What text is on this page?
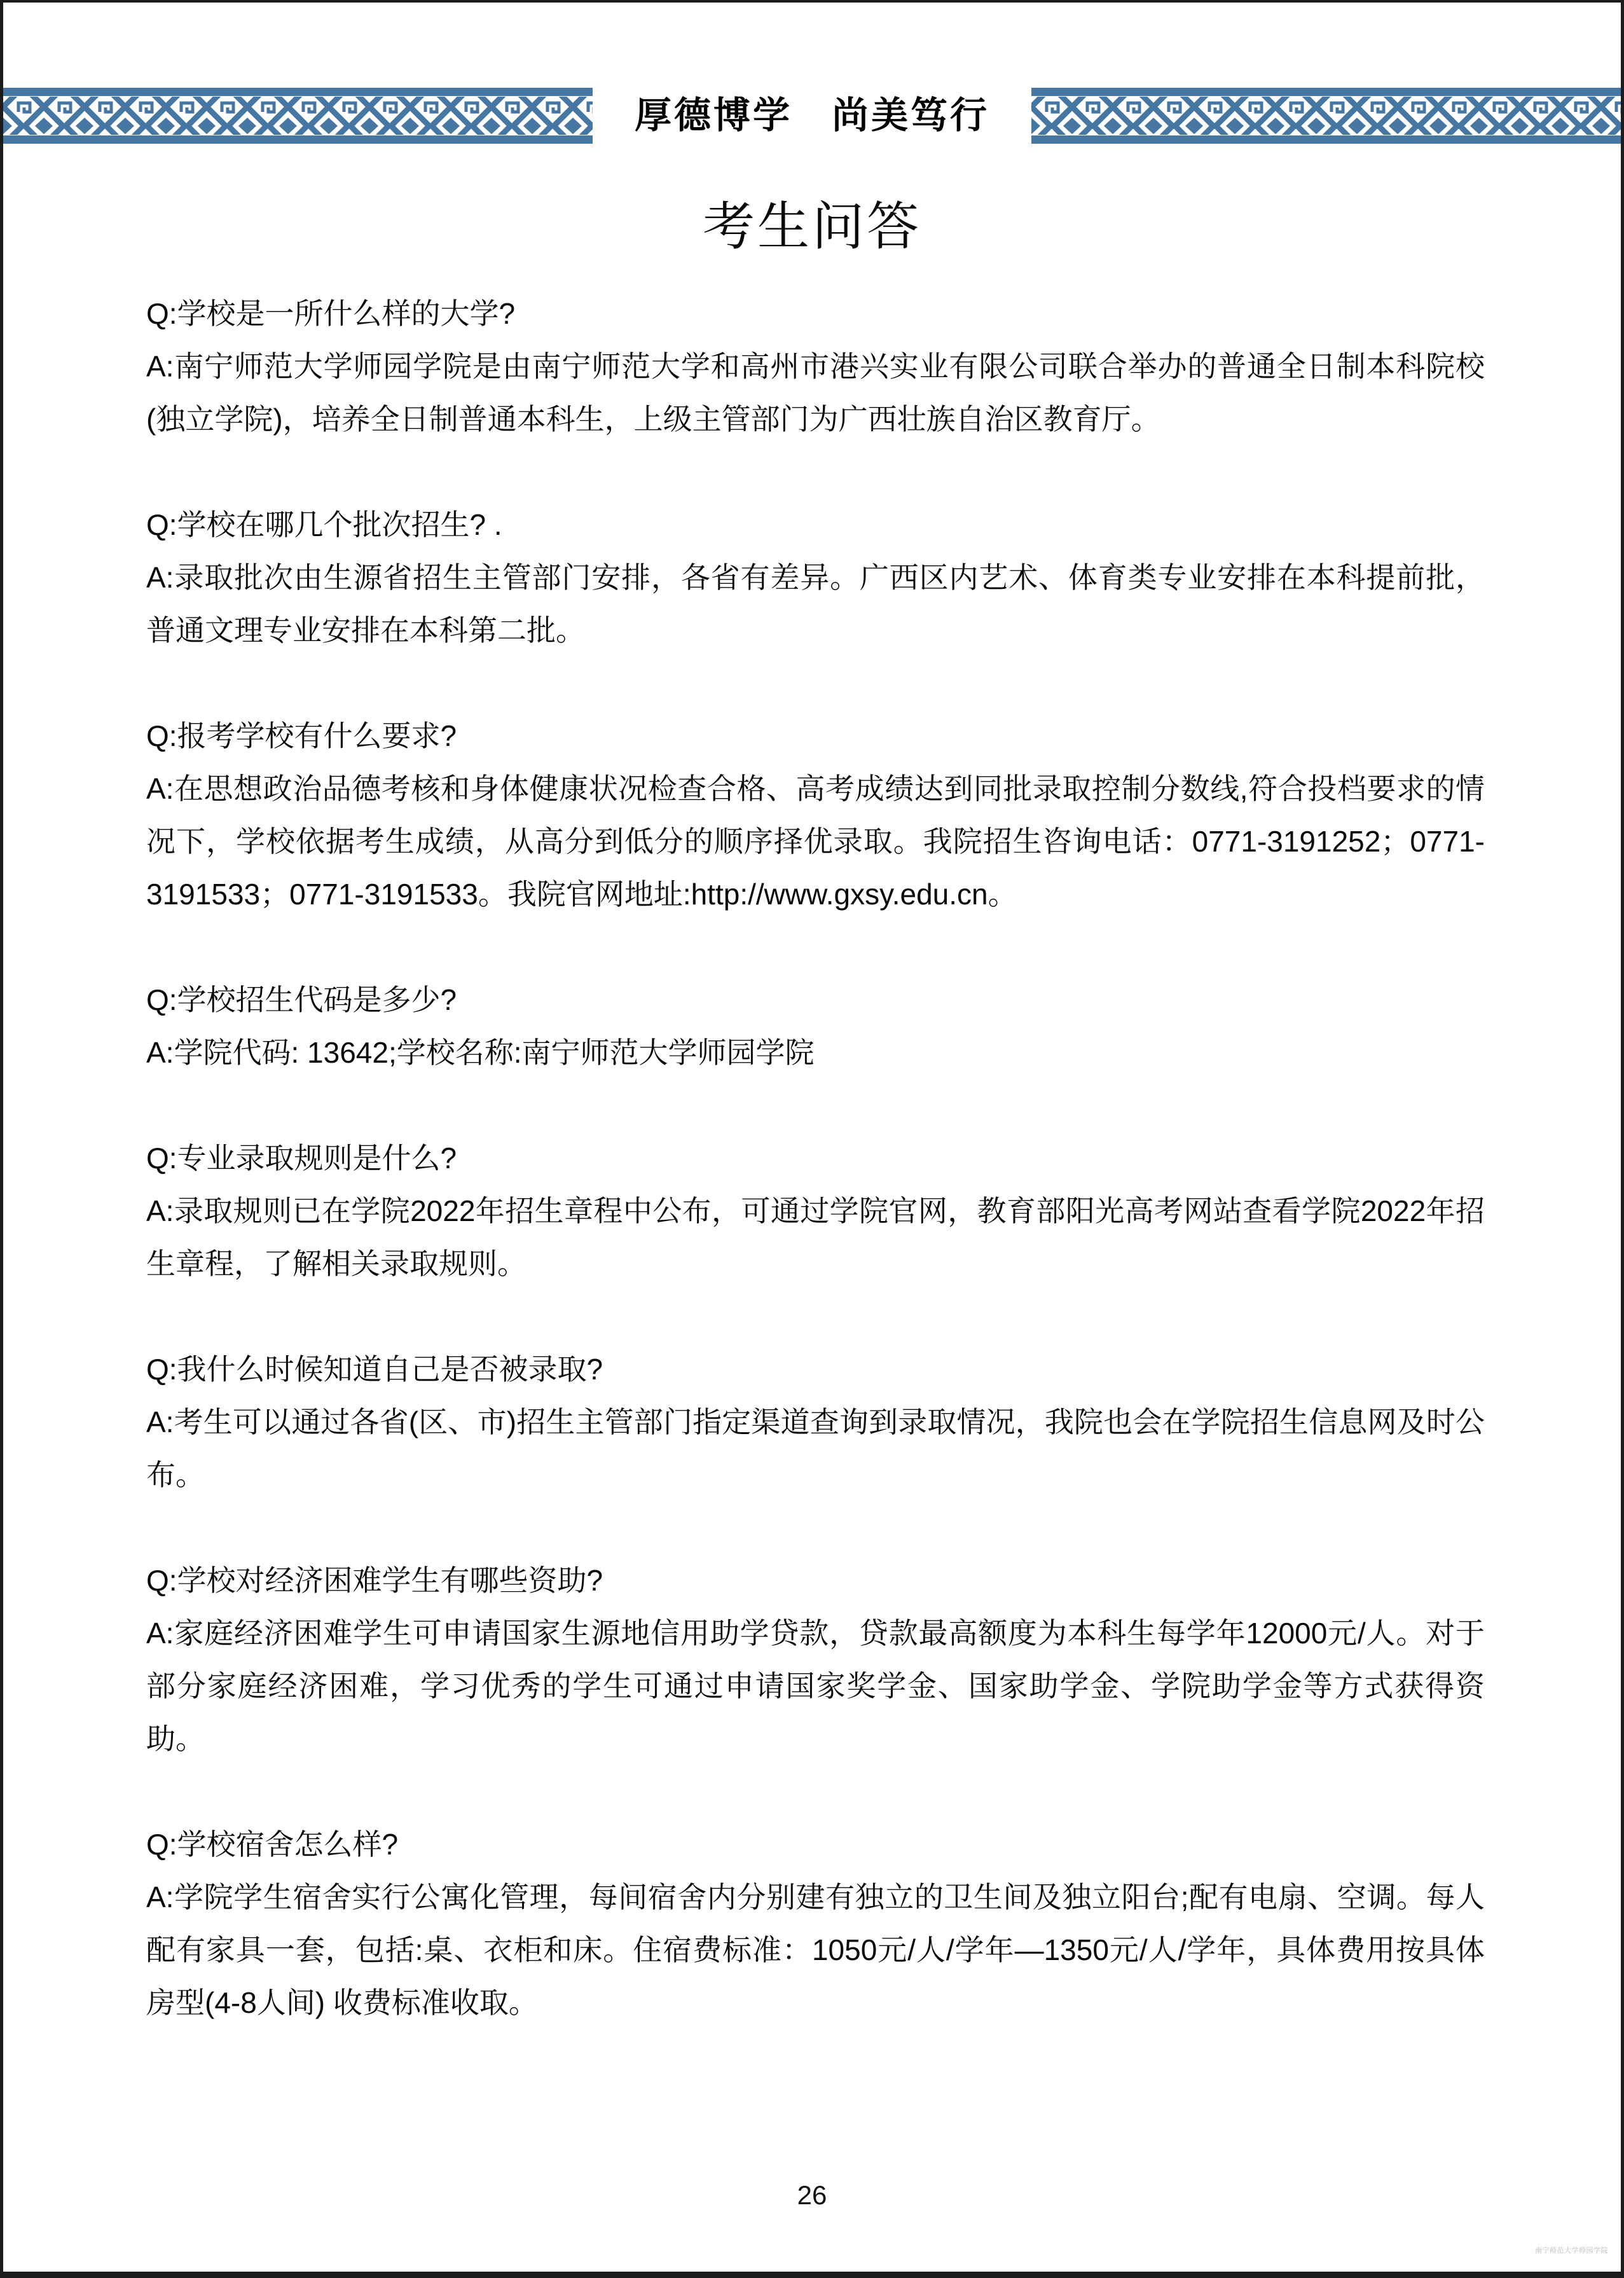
厚德博学　尚美笃行
考生问答

Q:学校是一所什么样的大学?

A:南宁师范大学师园学院是由南宁师范大学和高州市港兴实业有限公司联合举办的普通全日制本科院校(独立学院)，培养全日制普通本科生，上级主管部门为广西壮族自治区教育厅。

Q:学校在哪几个批次招生? .

A:录取批次由生源省招生主管部门安排，各省有差异。广西区内艺术、体育类专业安排在本科提前批，普通文理专业安排在本科第二批。

Q:报考学校有什么要求?

A:在思想政治品德考核和身体健康状况检查合格、高考成绩达到同批录取控制分数线,符合投档要求的情况下，学校依据考生成绩，从高分到低分的顺序择优录取。我院招生咨询电话：0771-3191252；0771-3191533；0771-3191533。我院官网地址:http://www.gxsy.edu.cn。

Q:学校招生代码是多少?

A:学院代码: 13642;学校名称:南宁师范大学师园学院

Q:专业录取规则是什么?

A:录取规则已在学院2022年招生章程中公布，可通过学院官网，教育部阳光高考网站查看学院2022年招生章程，了解相关录取规则。

Q:我什么时候知道自己是否被录取?

A:考生可以通过各省(区、市)招生主管部门指定渠道查询到录取情况，我院也会在学院招生信息网及时公布。

Q:学校对经济困难学生有哪些资助?

A:家庭经济困难学生可申请国家生源地信用助学贷款，贷款最高额度为本科生每学年12000元/人。对于部分家庭经济困难，学习优秀的学生可通过申请国家奖学金、国家助学金、学院助学金等方式获得资助。

Q:学校宿舍怎么样?

A:学院学生宿舍实行公寓化管理，每间宿舍内分别建有独立的卫生间及独立阳台;配有电扇、空调。每人配有家具一套，包括:桌、衣柜和床。住宿费标准：1050元/人/学年—1350元/人/学年，具体费用按具体房型(4-8人间) 收费标准收取。

26
南宁师范大学师园学院
